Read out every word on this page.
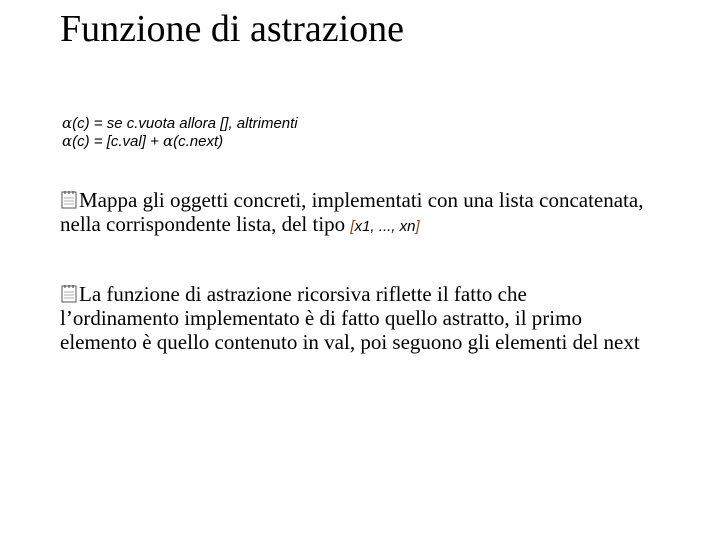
Funzione di astrazione
α(c) = se c.vuota allora [], altrimenti
α(c) = [c.val] + α(c.next)
Mappa gli oggetti concreti, implementati con una lista concatenata,
nella corrispondente lista, del tipo [x1, ..., xn]
La funzione di astrazione ricorsiva riflette il fatto che
l’ordinamento implementato è di fatto quello astratto, il primo
elemento è quello contenuto in val, poi seguono gli elementi del next
